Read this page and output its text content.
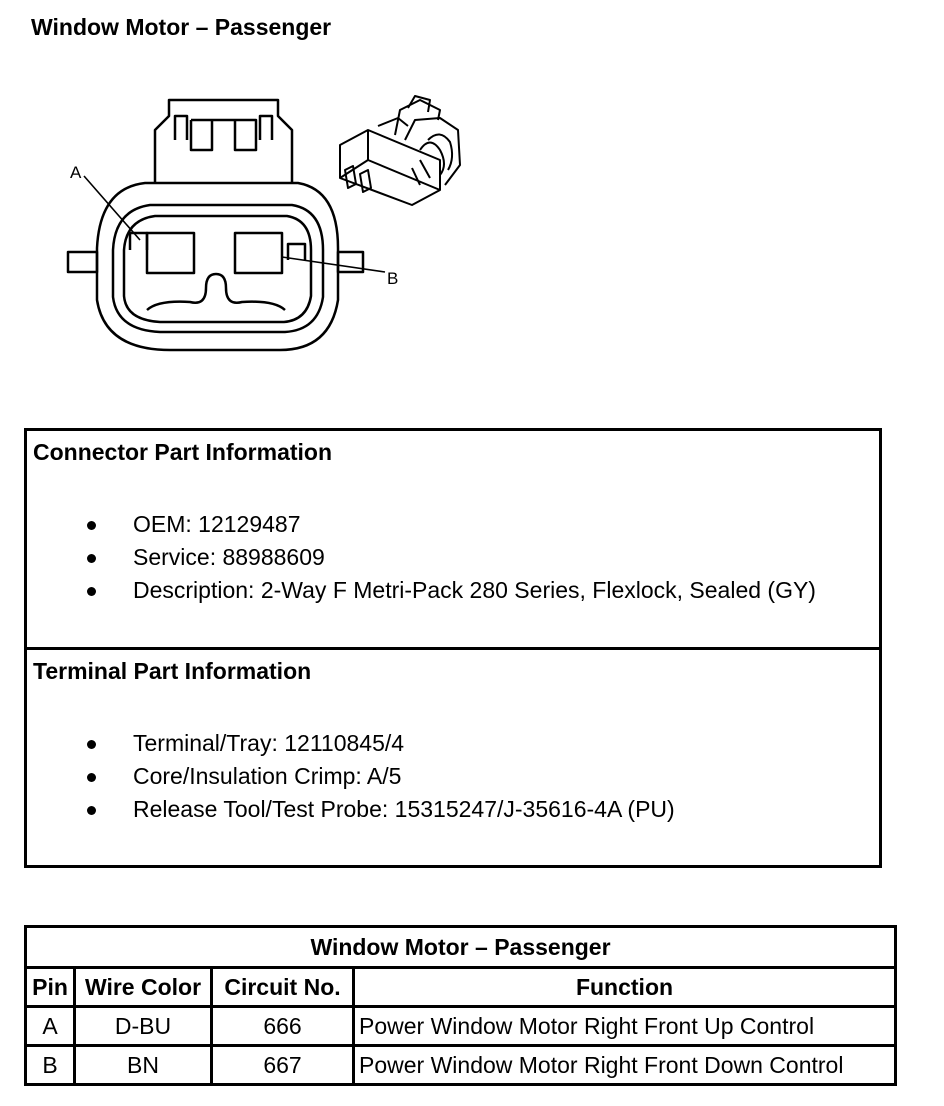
Window Motor – Passenger
A
B
Connector Part Information
OEM: 12129487
Service: 88988609
Description: 2-Way F Metri-Pack 280 Series, Flexlock, Sealed (GY)
Terminal Part Information
Terminal/Tray: 12110845/4
Core/Insulation Crimp: A/5
Release Tool/Test Probe: 15315247/J-35616-4A (PU)
Window Motor – Passenger			
Pin	Wire Color	Circuit No.	Function
A	D-BU	666	Power Window Motor Right Front Up Control
B	BN	667	Power Window Motor Right Front Down Control
